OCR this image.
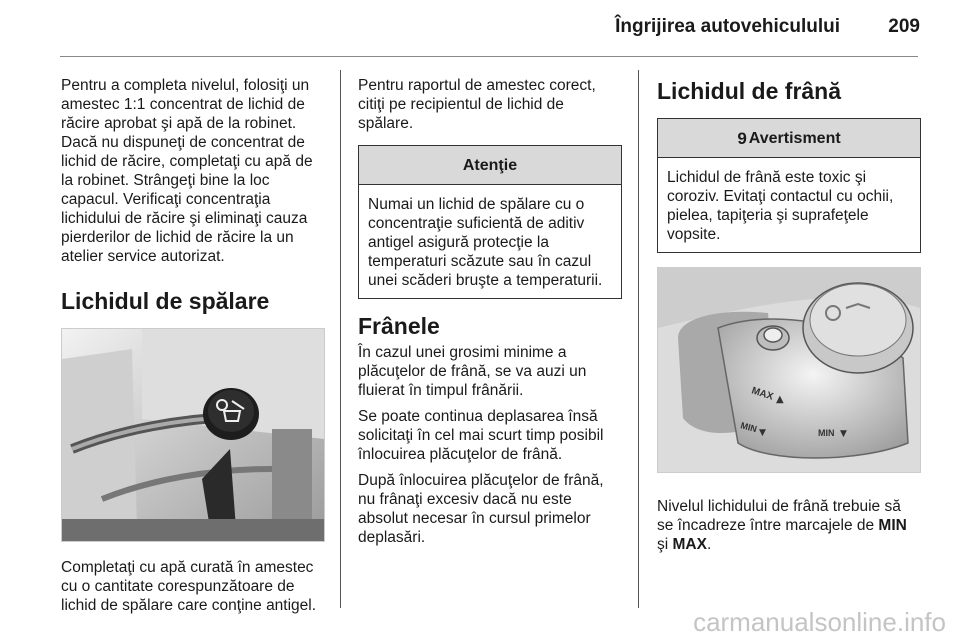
Îngrijirea autovehiculului	209

Pentru a completa nivelul, folosiţi un amestec 1:1 concentrat de lichid de răcire aprobat şi apă de la robinet. Dacă nu dispuneţi de concentrat de lichid de răcire, completaţi cu apă de la robinet. Strângeţi bine la loc capacul. Verificaţi concentraţia lichidului de răcire şi eliminaţi cauza pierderilor de lichid de răcire la un atelier service autorizat.

Lichidul de spălare

Completaţi cu apă curată în amestec cu o cantitate corespunzătoare de lichid de spălare care conţine antigel.

Pentru raportul de amestec corect, citiţi pe recipientul de lichid de spălare.

Atenţie
Numai un lichid de spălare cu o concentraţie suficientă de aditiv antigel asigură protecţie la temperaturi scăzute sau în cazul unei scăderi bruşte a temperaturii.
Frânele

În cazul unei grosimi minime a plăcuţelor de frână, se va auzi un fluierat în timpul frânării.

Se poate continua deplasarea însă solicitaţi în cel mai scurt timp posibil înlocuirea plăcuţelor de frână.

După înlocuirea plăcuţelor de frână, nu frânaţi excesiv dacă nu este absolut necesar în cursul primelor deplasări.

Lichidul de frână
9 Avertisment
Lichidul de frână este toxic şi coroziv. Evitaţi contactul cu ochii, pielea, tapiţeria şi suprafeţele vopsite.
MAX ▲
MIN ▼	MIN ▼

Nivelul lichidului de frână trebuie să se încadreze între marcajele de MIN şi MAX.

carmanualsonline.info
